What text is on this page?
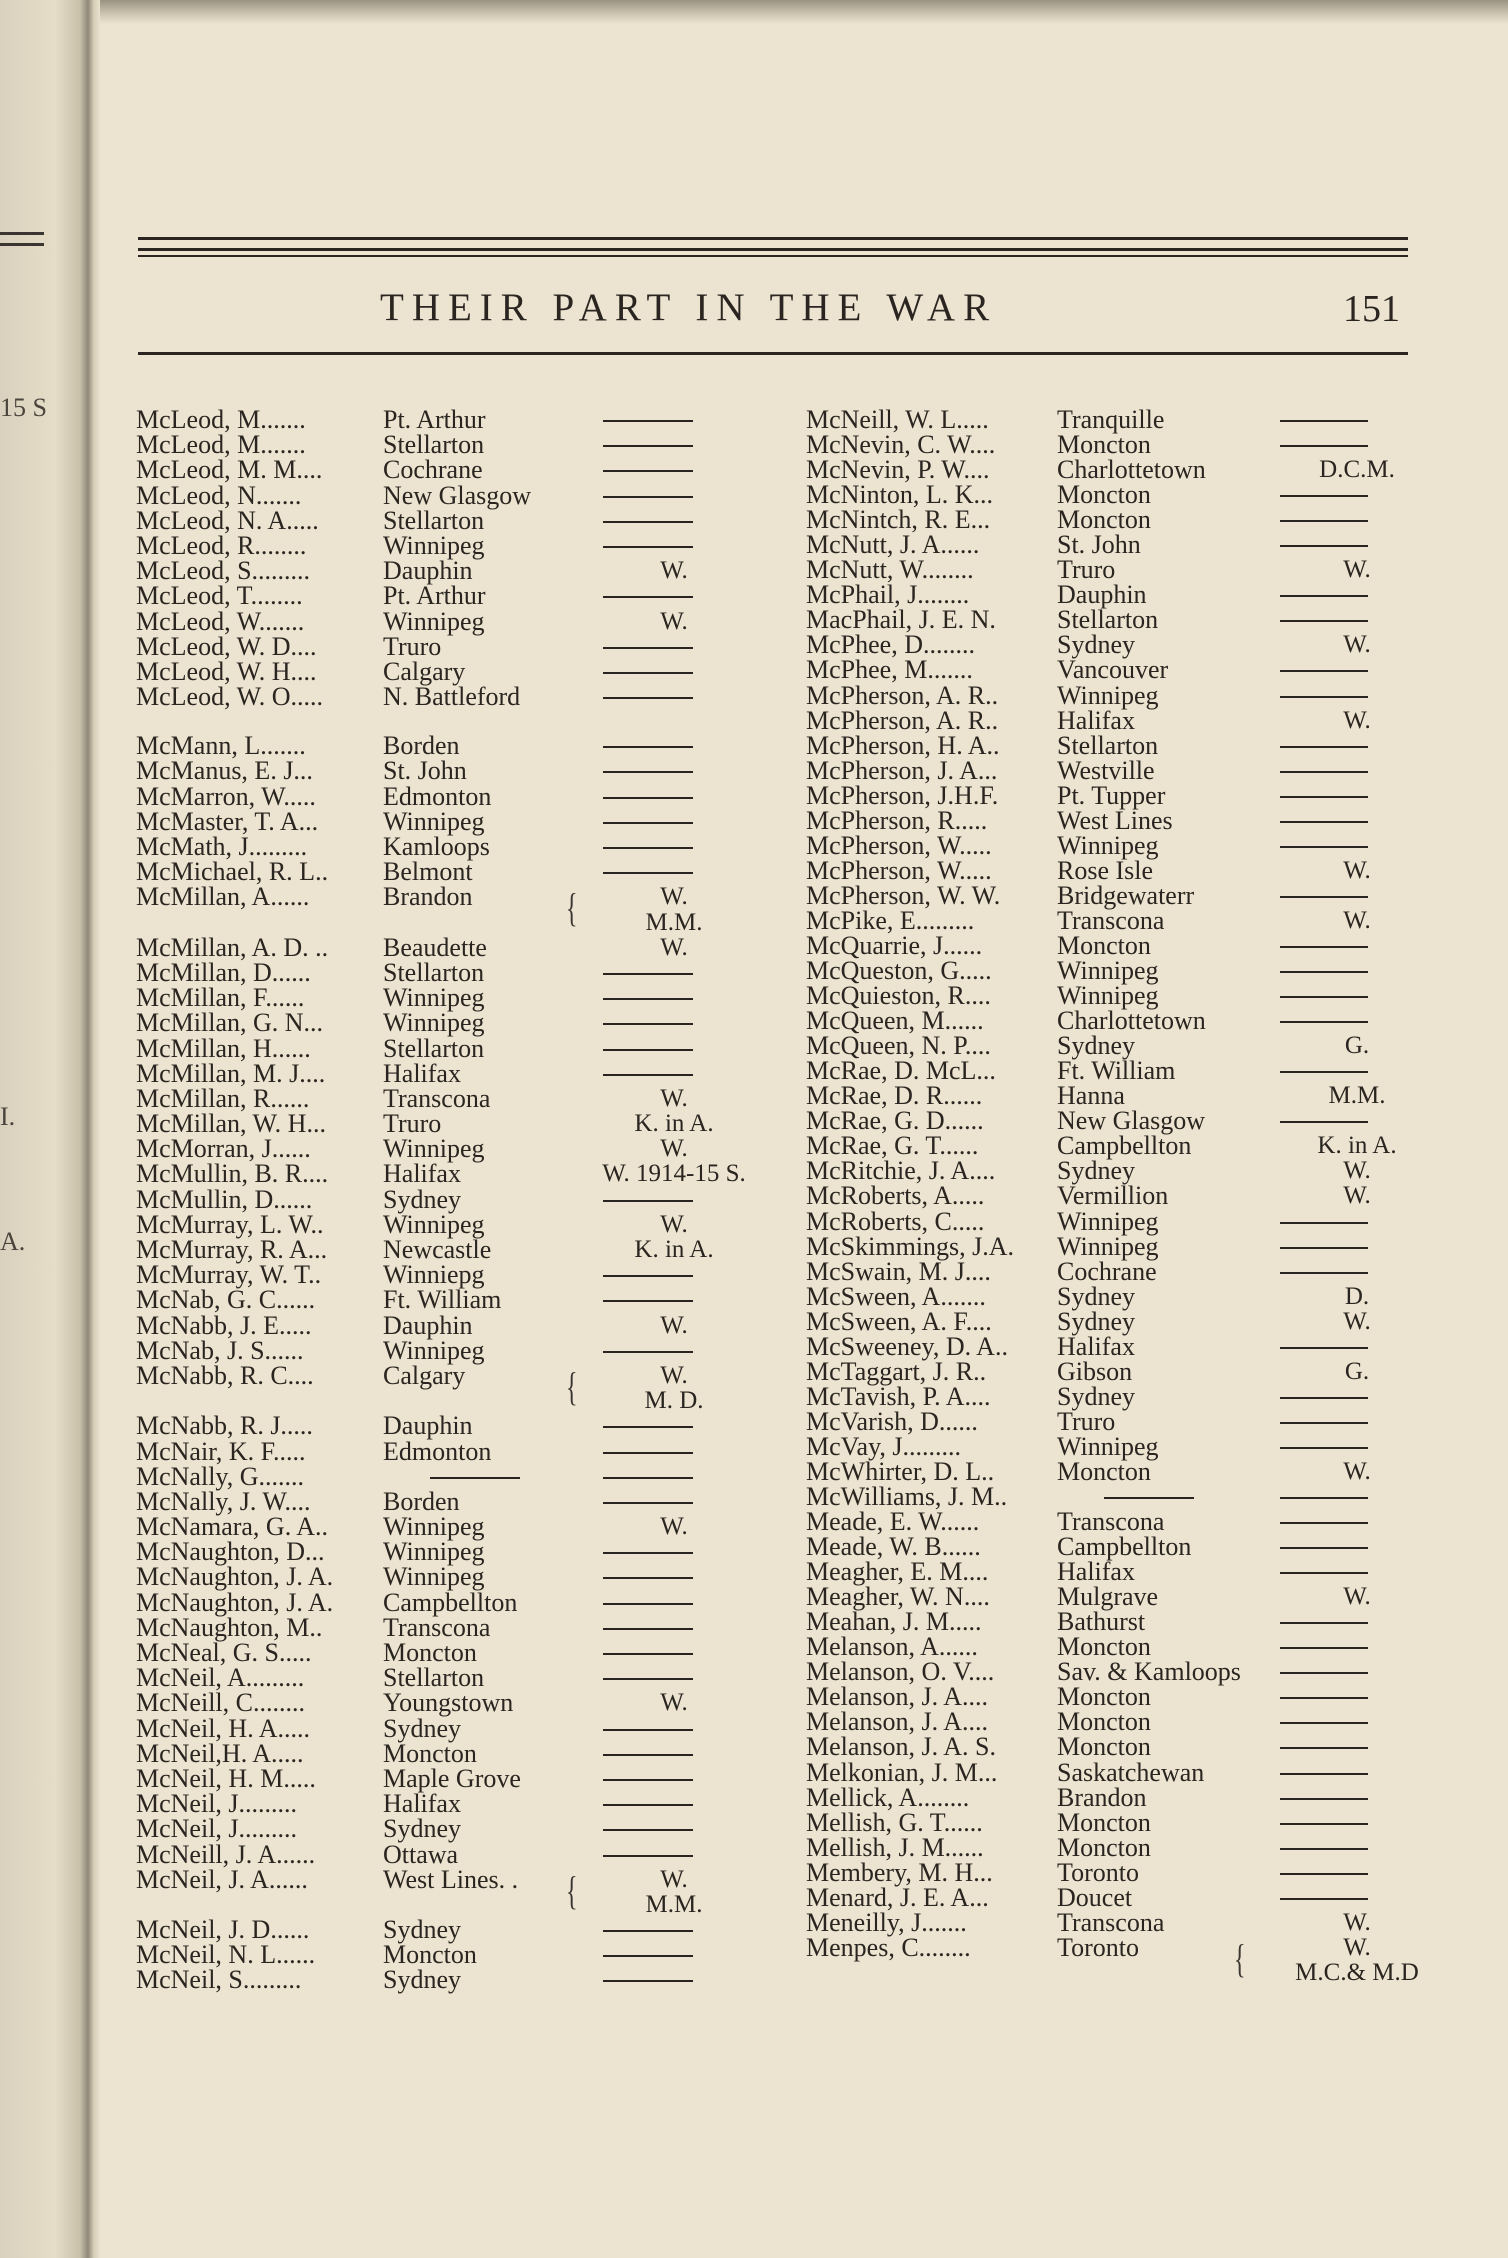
15 S
I.
A.
THEIR PART IN THE WAR	151
McLeod, M.......	Pt. Arthur
McLeod, M.......	Stellarton
McLeod, M. M.... Cochrane
McLeod, N.......	New Glasgow
McLeod, N. A..... Stellarton
McLeod, R........	Winnipeg
McLeod, S.........	Dauphin	W.
McLeod, T........	Pt. Arthur
McLeod, W.......	Winnipeg	W.
McLeod, W. D....	Truro
McLeod, W. H....	Calgary
McLeod, W. O..... N. Battleford
McMann, L.......	Borden
McManus, E. J...	St. John
McMarron, W.....	Edmonton
McMaster, T. A... Winnipeg
McMath, J.........	Kamloops
McMichael, R. L.. Belmont
McMillan, A......	Brandon	W.
{	M.M.
McMillan, A. D. .. Beaudette	W.
McMillan, D......	Stellarton
McMillan, F......	Winnipeg
McMillan, G. N... Winnipeg
McMillan, H......	Stellarton
McMillan, M. J.... Halifax
McMillan, R......	Transcona	W.
McMillan, W. H... Truro	K. in A.
McMorran, J......	Winnipeg	W.
McMullin, B. R.... Halifax	W. 1914-15 S.
McMullin, D......	Sydney
McMurray, L. W.. Winnipeg	W.
McMurray, R. A... Newcastle	K. in A.
McMurray, W. T.. Winniepg
McNab, G. C......	Ft. William
McNabb, J. E.....	Dauphin	W.
McNab, J. S......	Winnipeg
McNabb, R. C....	Calgary	W.
{	M. D.
McNabb, R. J.....	Dauphin
McNair, K. F.....	Edmonton
McNally, G.......
McNally, J. W....	Borden
McNamara, G. A.. Winnipeg	W.
McNaughton, D... Winnipeg
McNaughton, J. A. Winnipeg
McNaughton, J. A. Campbellton
McNaughton, M.. Transcona
McNeal, G. S.....	Moncton
McNeil, A.........	Stellarton
McNeill, C........	Youngstown	W.
McNeil, H. A.....	Sydney
McNeil,H. A.....	Moncton
McNeil, H. M.....	Maple Grove
McNeil, J.........	Halifax
McNeil, J.........	Sydney
McNeill, J. A......	Ottawa
McNeil, J. A......	West Lines. .	W.
{	M.M.
McNeil, J. D......	Sydney
McNeil, N. L......	Moncton
McNeil, S.........	Sydney
McNeill, W. L.....	Tranquille
McNevin, C. W.... Moncton
McNevin, P. W....	Charlottetown	D.C.M.
McNinton, L. K... Moncton
McNintch, R. E...	Moncton
McNutt, J. A......	St. John
McNutt, W........	Truro	W.
McPhail, J........	Dauphin
MacPhail, J. E. N. Stellarton
McPhee, D........	Sydney	W.
McPhee, M.......	Vancouver
McPherson, A. R.. Winnipeg
McPherson, A. R.. Halifax	W.
McPherson, H. A.. Stellarton
McPherson, J. A... Westville
McPherson, J.H.F. Pt. Tupper
McPherson, R.....	West Lines
McPherson, W.....	Winnipeg
McPherson, W.....	Rose Isle	W.
McPherson, W. W. Bridgewaterr
McPike, E.........	Transcona	W.
McQuarrie, J......	Moncton
McQueston, G.....	Winnipeg
McQuieston, R....	Winnipeg
McQueen, M......	Charlottetown
McQueen, N. P....	Sydney	G.
McRae, D. McL... Ft. William
McRae, D. R......	Hanna	M.M.
McRae, G. D......	New Glasgow
McRae, G. T......	Campbellton	K. in A.
McRitchie, J. A.... Sydney	W.
McRoberts, A.....	Vermillion	W.
McRoberts, C.....	Winnipeg
McSkimmings, J.A. Winnipeg
McSwain, M. J....	Cochrane
McSween, A.......	Sydney	D.
McSween, A. F....	Sydney	W.
McSweeney, D. A.. Halifax
McTaggart, J. R..	Gibson	G.
McTavish, P. A....	Sydney
McVarish, D......	Truro
McVay, J.........	Winnipeg
McWhirter, D. L.. Moncton	W.
McWilliams, J. M..
Meade, E. W......	Transcona
Meade, W. B......	Campbellton
Meagher, E. M....	Halifax
Meagher, W. N....	Mulgrave	W.
Meahan, J. M.....	Bathurst
Melanson, A......	Moncton
Melanson, O. V.... Sav. & Kamloops
Melanson, J. A....	Moncton
Melanson, J. A....	Moncton
Melanson, J. A. S. Moncton
Melkonian, J. M... Saskatchewan
Mellick, A........	Brandon
Mellish, G. T......	Moncton
Mellish, J. M......	Moncton
Membery, M. H... Toronto
Menard, J. E. A...	Doucet
Meneilly, J.......	Transcona	W.
Menpes, C........	Toronto	W.
{	M.C.& M.D
